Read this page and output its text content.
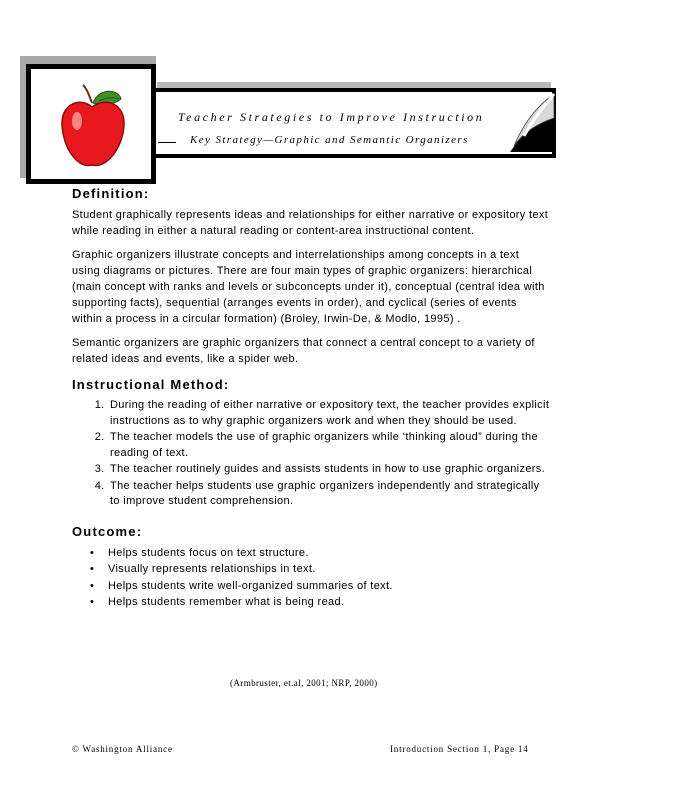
Teacher Strategies to Improve Instruction
Key Strategy—Graphic and Semantic Organizers
Definition:

Student graphically represents ideas and relationships for either narrative or expository text while reading in either a natural reading or content-area instructional content.

Graphic organizers illustrate concepts and interrelationships among concepts in a text using diagrams or pictures. There are four main types of graphic organizers: hierarchical (main concept with ranks and levels or subconcepts under it), conceptual (central idea with supporting facts), sequential (arranges events in order), and cyclical (series of events within a process in a circular formation) (Broley, Irwin-De, & Modlo, 1995) .

Semantic organizers are graphic organizers that connect a central concept to a variety of related ideas and events, like a spider web.

Instructional Method:
1. During the reading of either narrative or expository text, the teacher provides explicit instructions as to why graphic organizers work and when they should be used.
2. The teacher models the use of graphic organizers while ‘thinking aloud” during the reading of text.
3. The teacher routinely guides and assists students in how to use graphic organizers.
4. The teacher helps students use graphic organizers independently and strategically to improve student comprehension.
Outcome:
• Helps students focus on text structure.
• Visually represents relationships in text.
• Helps students write well-organized summaries of text.
• Helps students remember what is being read.
(Armbruster, et.al, 2001; NRP, 2000)
© Washington Alliance	Introduction Section 1, Page 14
